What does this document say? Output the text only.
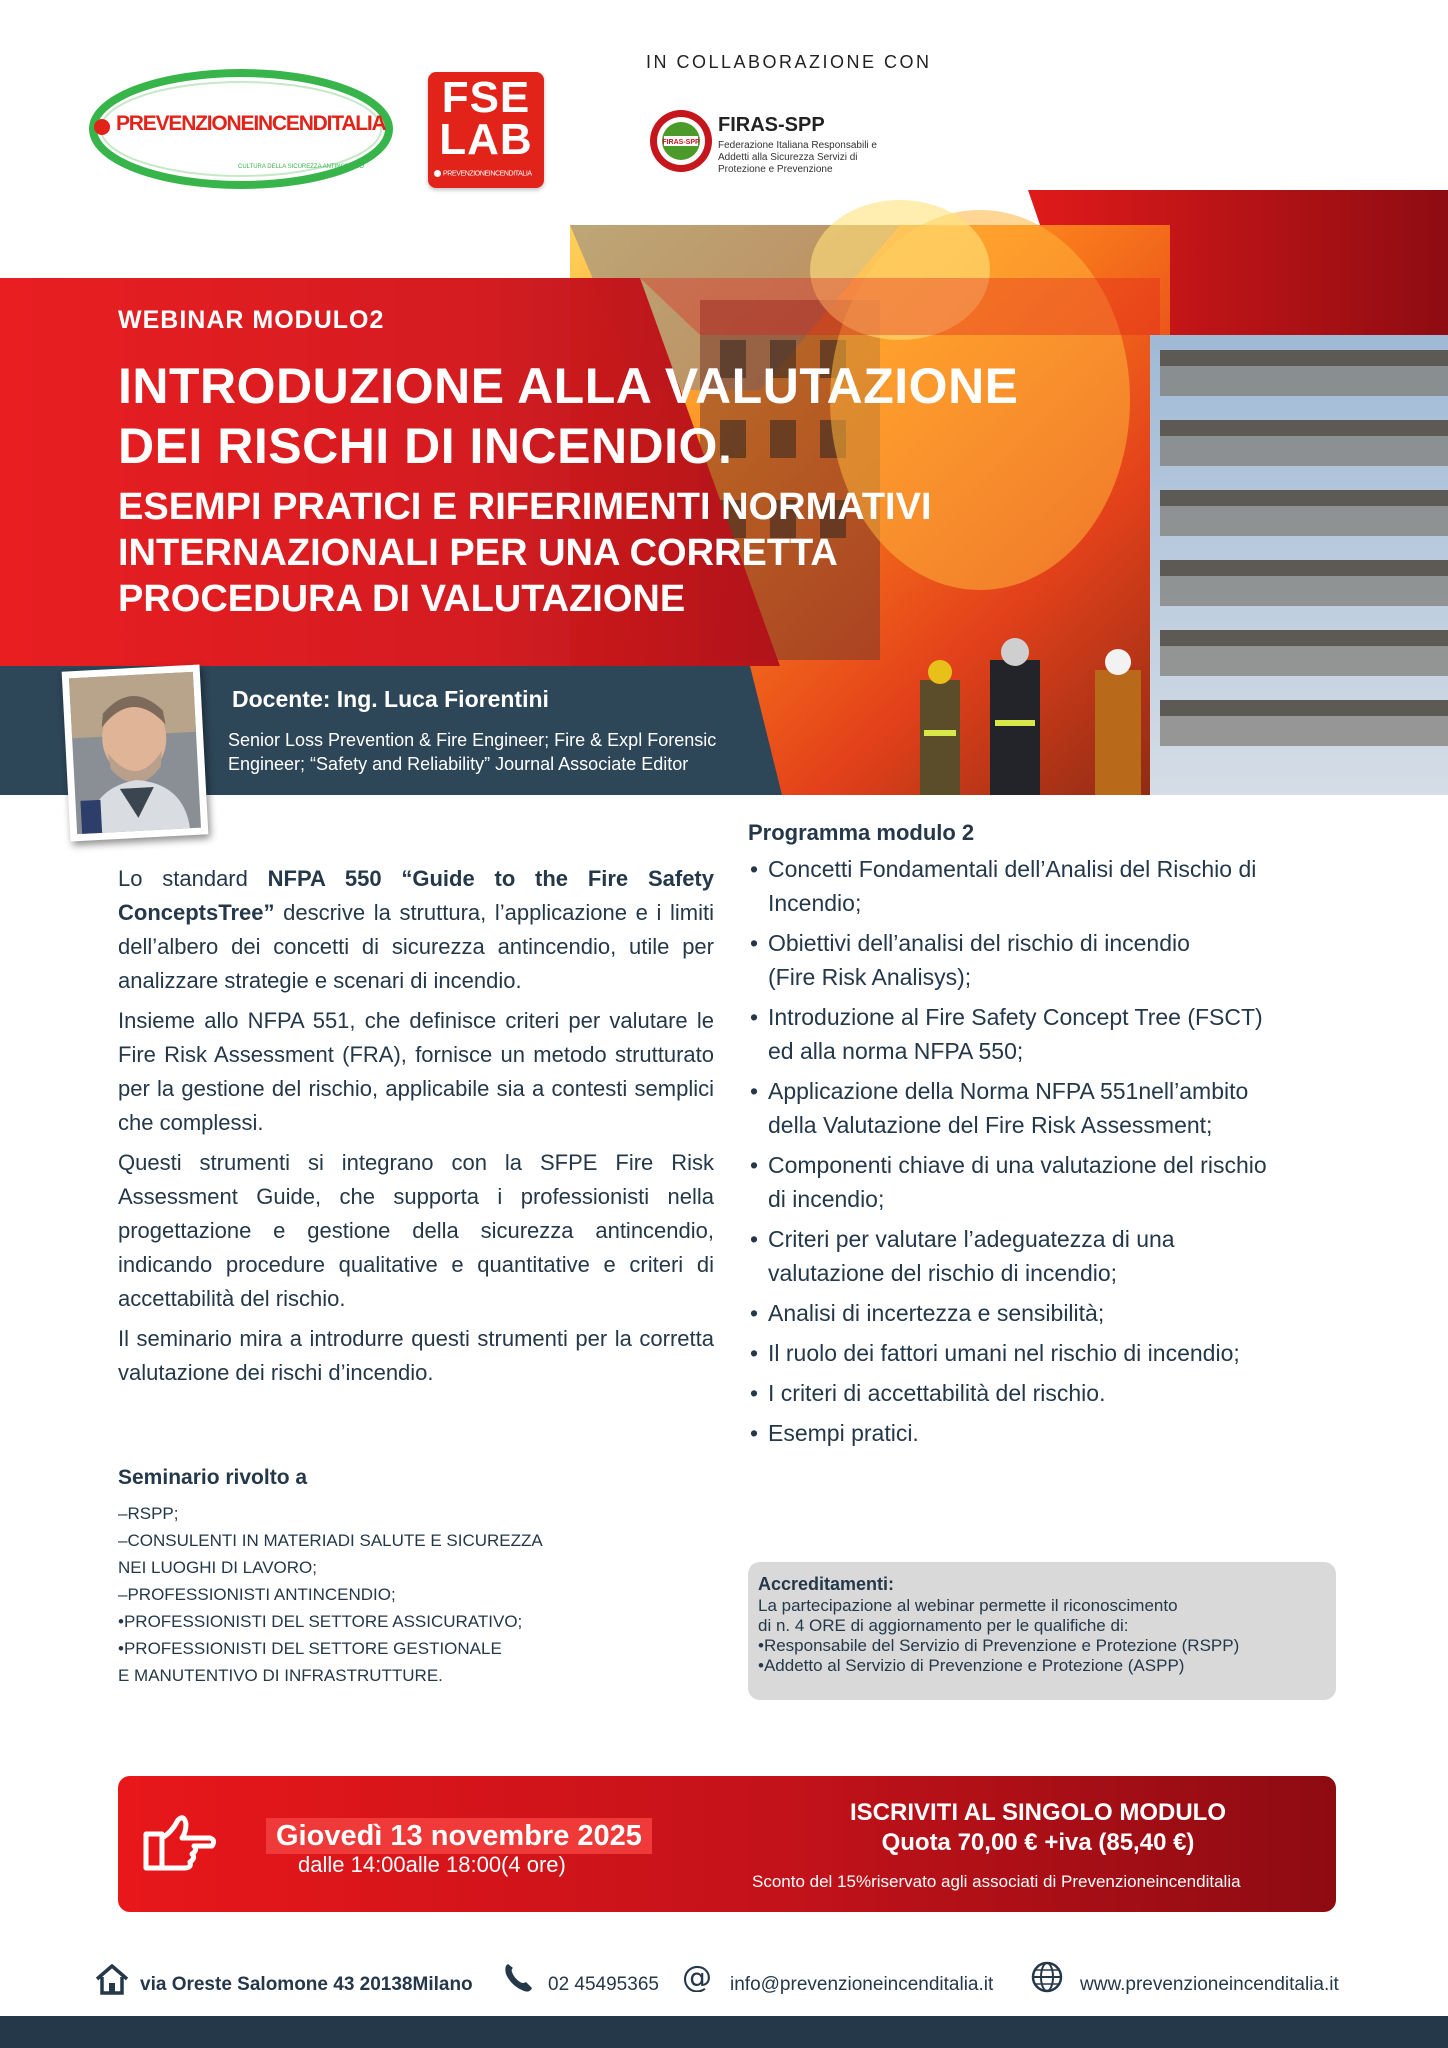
PREVENZIONEINCENDITALIA
CULTURA DELLA SICUREZZA ANTINCENDIO
FSE
LAB
PREVENZIONEINCENDITALIA
IN COLLABORAZIONE CON
FIRAS-SPP
FIRAS-SPP
Federazione Italiana Responsabili e Addetti alla Sicurezza Servizi di Protezione e Prevenzione
WEBINAR MODULO2
INTRODUZIONE ALLA VALUTAZIONE
DEI RISCHI DI INCENDIO.
ESEMPI PRATICI E RIFERIMENTI NORMATIVI
INTERNAZIONALI PER UNA CORRETTA
PROCEDURA DI VALUTAZIONE
Docente: Ing. Luca Fiorentini
Senior Loss Prevention & Fire Engineer; Fire & Expl Forensic
Engineer; “Safety and Reliability” Journal Associate Editor

Lo standard NFPA 550 “Guide to the Fire Safety ConceptsTree” descrive la struttura, l’applicazione e i limiti dell’albero dei concetti di sicurezza antincendio, utile per analizzare strategie e scenari di incendio.

Insieme allo NFPA 551, che definisce criteri per valutare le Fire Risk Assessment (FRA), fornisce un metodo strutturato per la gestione del rischio, applicabile sia a contesti semplici che complessi.

Questi strumenti si integrano con la SFPE Fire Risk Assessment Guide, che supporta i professionisti nella progettazione e gestione della sicurezza antincendio, indicando procedure qualitative e quantitative e criteri di accettabilità del rischio.

Il seminario mira a introdurre questi strumenti per la corretta valutazione dei rischi d’incendio.

Programma modulo 2
• Concetti Fondamentali dell’Analisi del Rischio di
Incendio;
• Obiettivi dell’analisi del rischio di incendio
(Fire Risk Analisys);
• Introduzione al Fire Safety Concept Tree (FSCT)
ed alla norma NFPA 550;
• Applicazione della Norma NFPA 551nell’ambito
della Valutazione del Fire Risk Assessment;
• Componenti chiave di una valutazione del rischio
di incendio;
• Criteri per valutare l’adeguatezza di una
valutazione del rischio di incendio;
• Analisi di incertezza e sensibilità;
• Il ruolo dei fattori umani nel rischio di incendio;
• I criteri di accettabilità del rischio.
• Esempi pratici.
Seminario rivolto a
–RSPP;
–CONSULENTI IN MATERIADI SALUTE E SICUREZZA
NEI LUOGHI DI LAVORO;
–PROFESSIONISTI ANTINCENDIO;
•PROFESSIONISTI DEL SETTORE ASSICURATIVO;
•PROFESSIONISTI DEL SETTORE GESTIONALE
E MANUTENTIVO DI INFRASTRUTTURE.
Accreditamenti:
La partecipazione al webinar permette il riconoscimento
di n. 4 ORE di aggiornamento per le qualifiche di:
•Responsabile del Servizio di Prevenzione e Protezione (RSPP)
•Addetto al Servizio di Prevenzione e Protezione (ASPP)
Giovedì 13 novembre 2025
dalle 14:00alle 18:00(4 ore)
ISCRIVITI AL SINGOLO MODULO
Quota 70,00 € +iva (85,40 €)
Sconto del 15%riservato agli associati di Prevenzioneincenditalia
via Oreste Salomone 43 20138Milano	02 45495365 @ info@prevenzioneincenditalia.it	www.prevenzioneincenditalia.it
